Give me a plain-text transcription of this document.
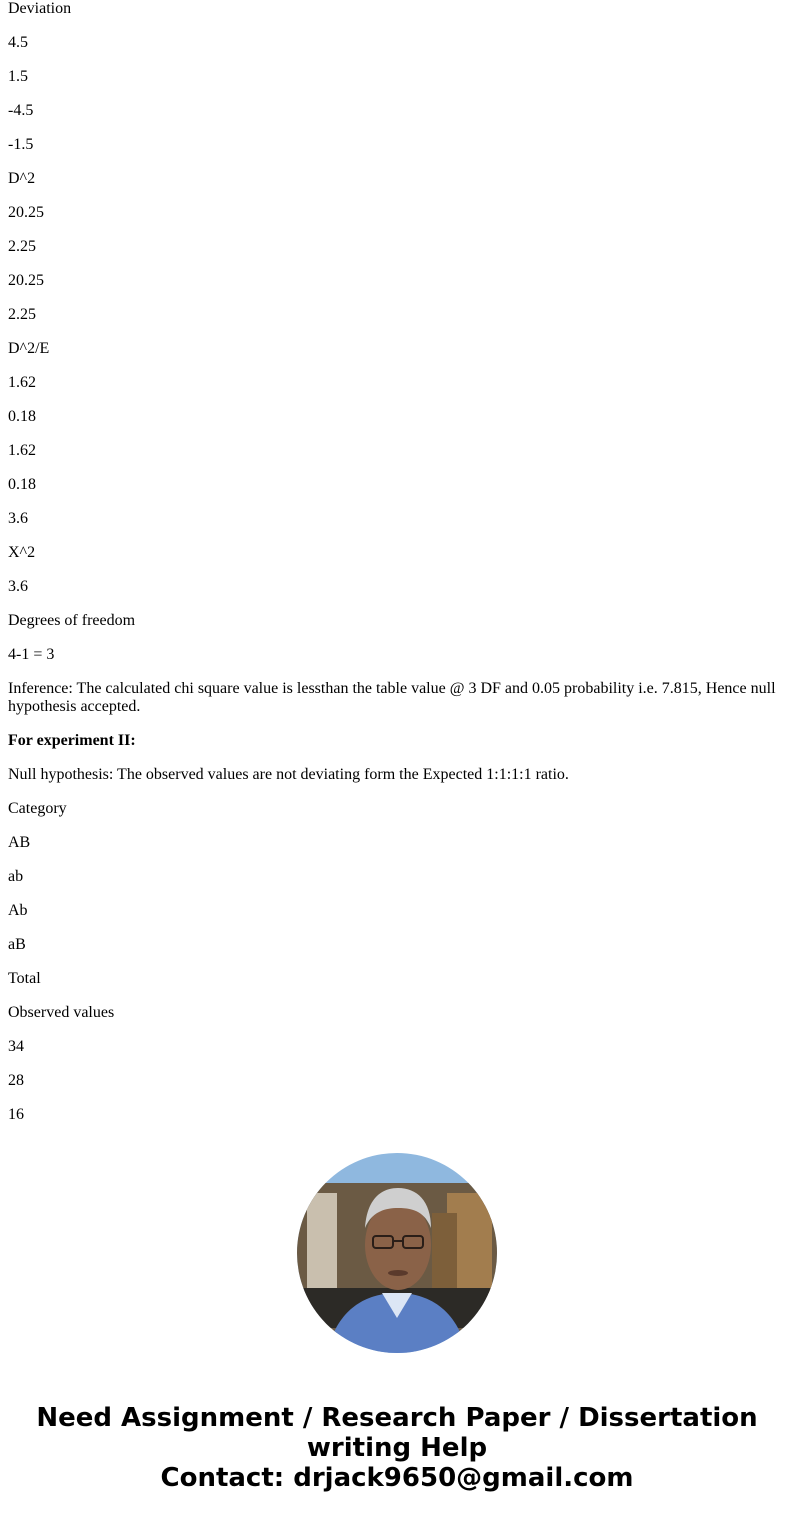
Deviation

4.5

1.5

-4.5

-1.5

D^2

20.25

2.25

20.25

2.25

D^2/E

1.62

0.18

1.62

0.18

3.6

X^2

3.6

Degrees of freedom

4-1 = 3

Inference: The calculated chi square value is lessthan the table value @ 3 DF and 0.05 probability i.e. 7.815, Hence null hypothesis accepted.

For experiment II:

Null hypothesis: The observed values are not deviating form the Expected 1:1:1:1 ratio.

Category

AB

ab

Ab

aB

Total

Observed values

34

28

16

Need Assignment / Research Paper / Dissertation writing Help
Contact: drjack9650@gmail.com
